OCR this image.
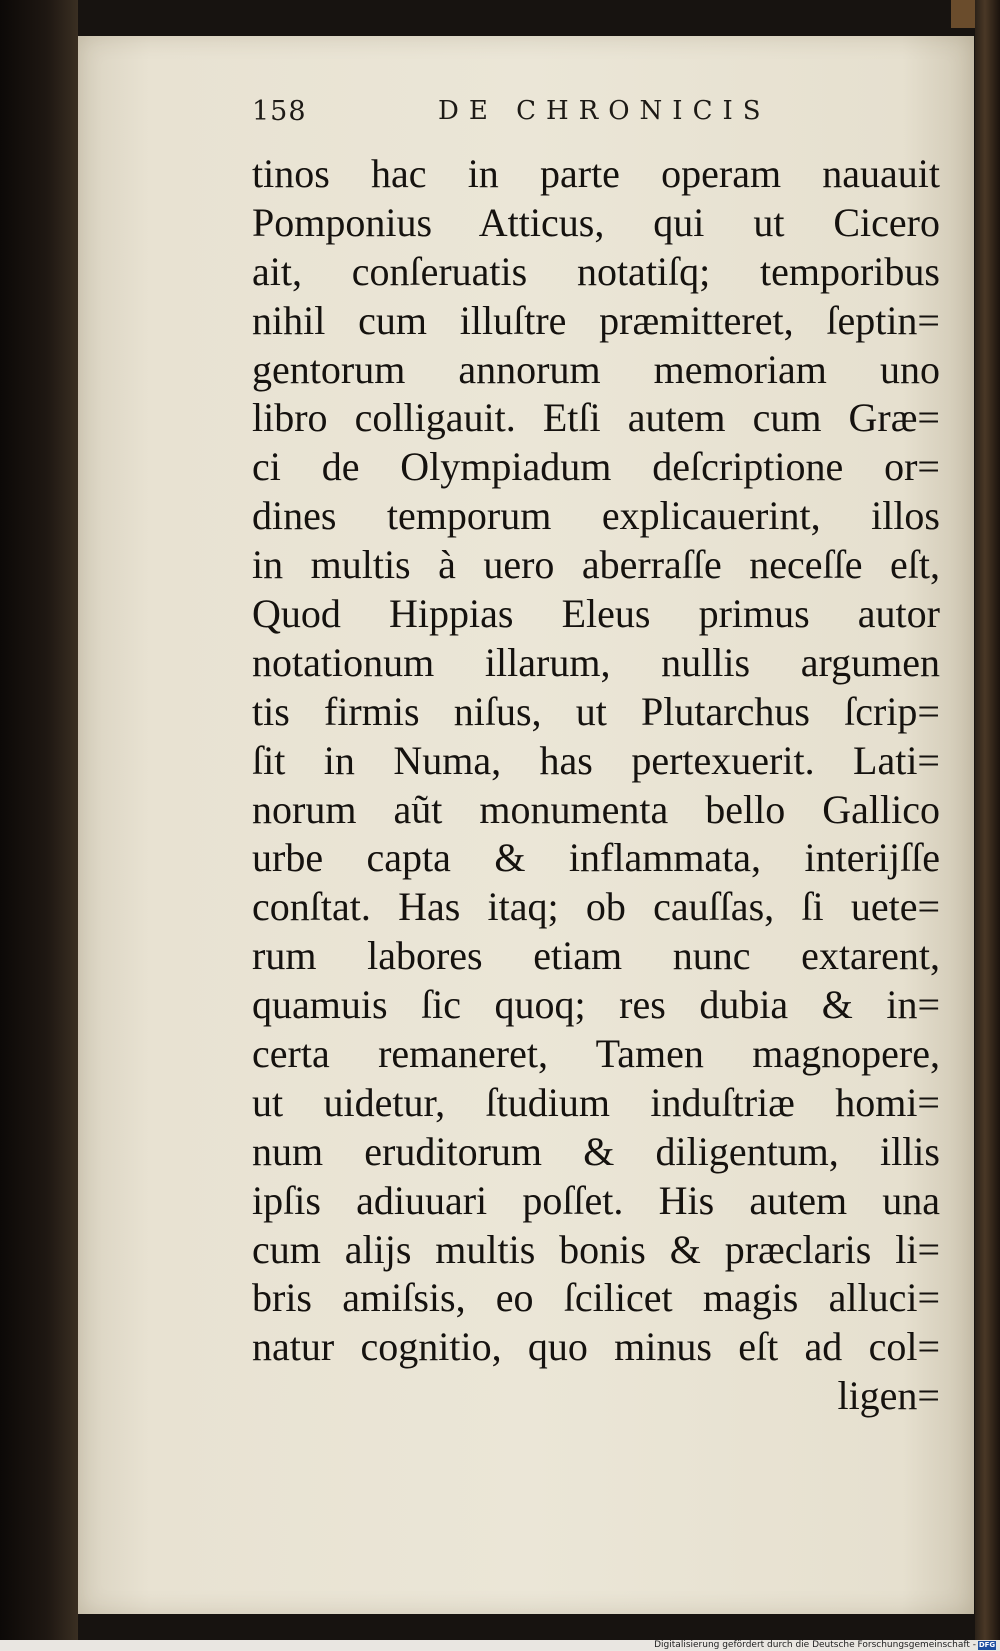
158	DE CHRONICIS
tinos hac in parte operam nauauit
Pomponius Atticus, qui ut Cicero
ait, conſeruatis notatiſq; temporibus
nihil cum illuſtre præmitteret, ſeptin=
gentorum annorum memoriam uno
libro colligauit. Etſi autem cum Græ=
ci de Olympiadum deſcriptione or=
dines temporum explicauerint, illos
in multis à uero aberraſſe neceſſe eſt,
Quod Hippias Eleus primus autor
notationum illarum, nullis argumen
tis firmis niſus, ut Plutarchus ſcrip=
ſit in Numa, has pertexuerit. Lati=
norum aũt monumenta bello Gallico
urbe capta & inflammata, interijſſe
conſtat. Has itaq; ob cauſſas, ſi uete=
rum labores etiam nunc extarent,
quamuis ſic quoq; res dubia & in=
certa remaneret, Tamen magnopere,
ut uidetur, ſtudium induſtriæ homi=
num eruditorum & diligentum, illis
ipſis adiuuari poſſet. His autem una
cum alijs multis bonis & præclaris li=
bris amiſsis, eo ſcilicet magis alluci=
natur cognitio, quo minus eſt ad col=
ligen=
Digitalisierung gefördert durch die Deutsche Forschungsgemeinschaft - DFG
